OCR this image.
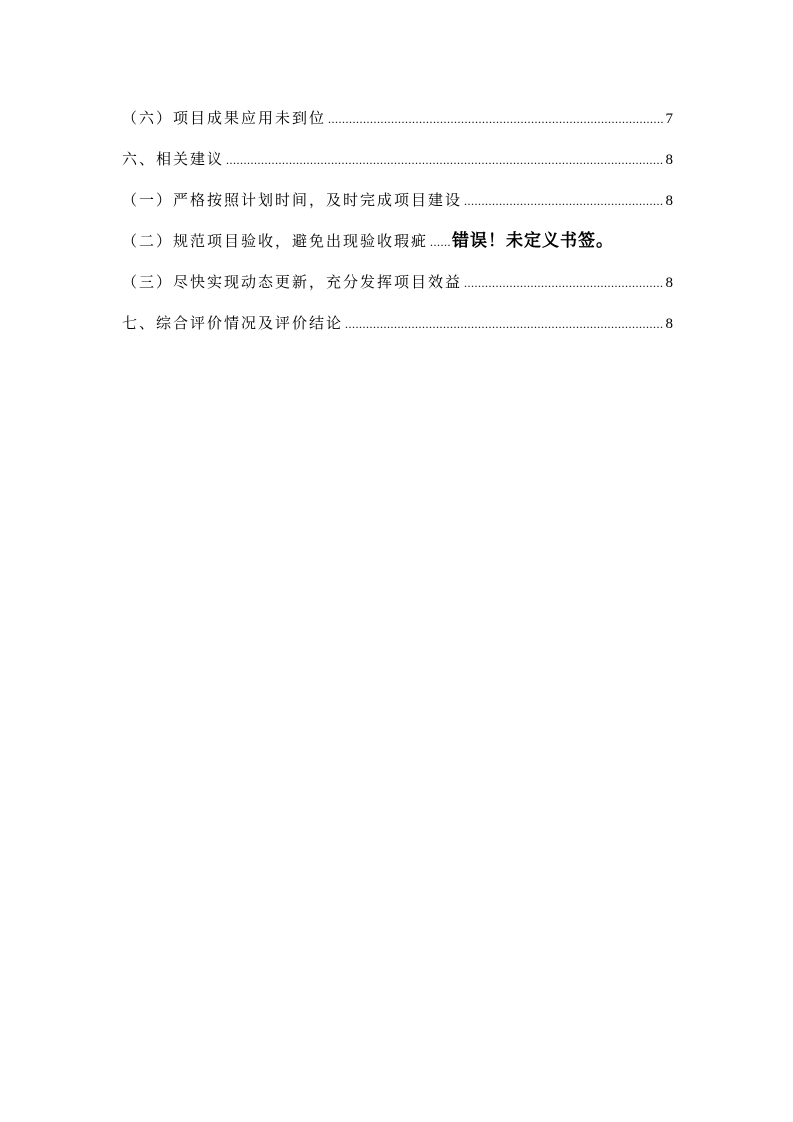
（六）项目成果应用未到位 .....	7
六、相关建议 .....	8
（一）严格按照计划时间，及时完成项目建设 .....	8
（二）规范项目验收，避免出现验收瑕疵 ..... 错误！未定义书签。
（三）尽快实现动态更新，充分发挥项目效益 .....	8
七、综合评价情况及评价结论 .....	8
